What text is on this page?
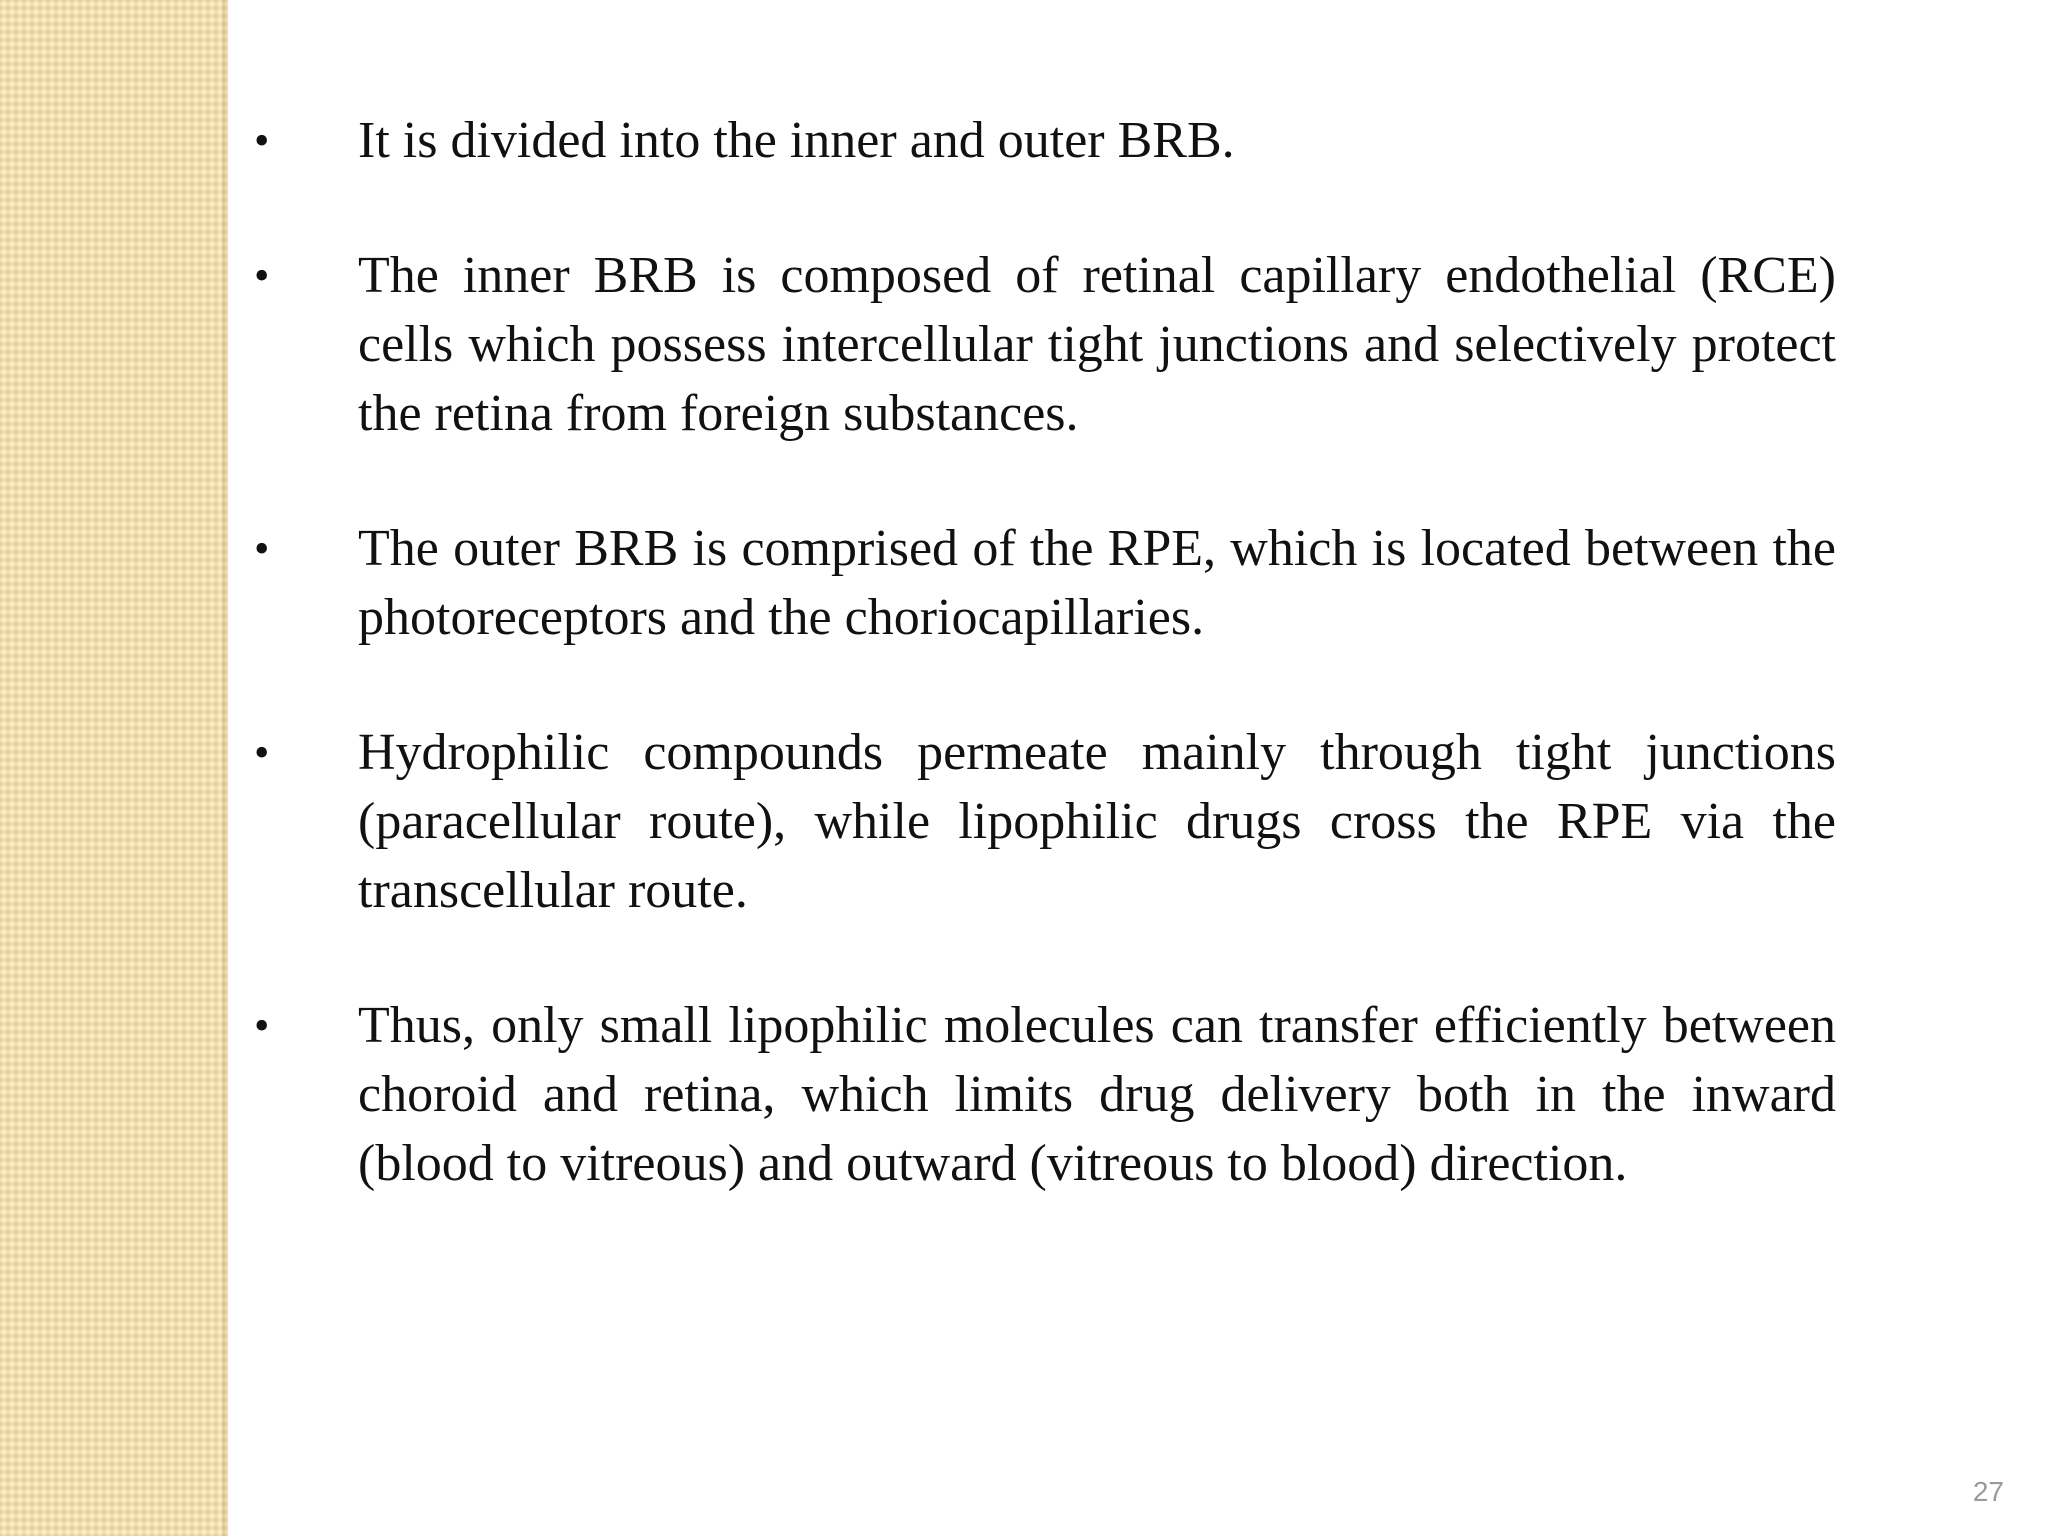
•	It is divided into the inner and outer BRB.
•	The inner BRB is composed of retinal capillary endothelial (RCE) cells which possess intercellular tight junctions and selectively protect the retina from foreign substances.
•	The outer BRB is comprised of the RPE, which is located between the photoreceptors and the choriocapillaries.
•	Hydrophilic compounds permeate mainly through tight junctions (paracellular route), while lipophilic drugs cross the RPE via the transcellular route.
•	Thus, only small lipophilic molecules can transfer efficiently between choroid and retina, which limits drug delivery both in the inward (blood to vitreous) and outward (vitreous to blood) direction.
27
